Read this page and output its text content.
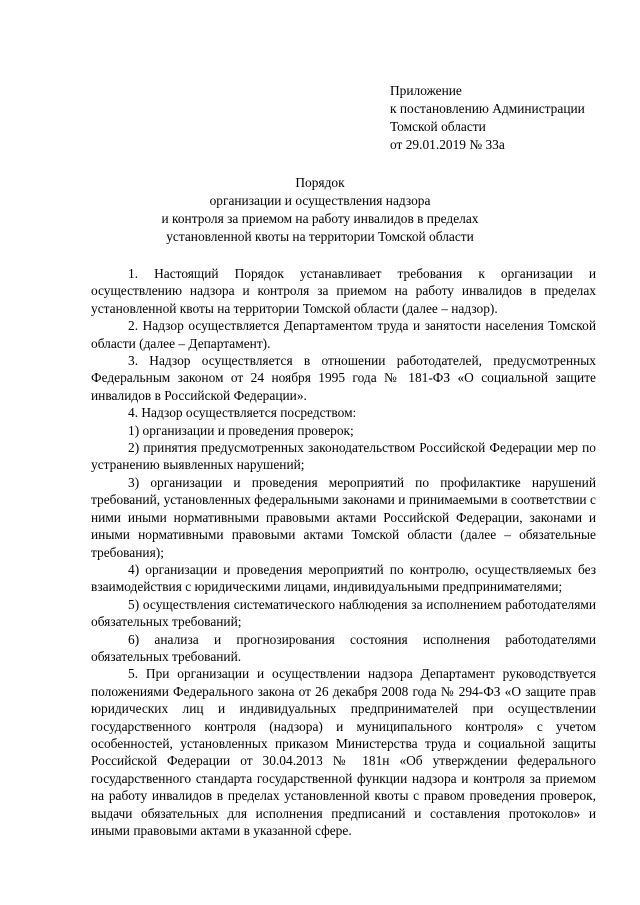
Приложение
к постановлению Администрации
Томской области
от 29.01.2019 № 33а
Порядок
организации и осуществления надзора
и контроля за приемом на работу инвалидов в пределах
установленной квоты на территории Томской области

1. Настоящий Порядок устанавливает требования к организации и осуществлению надзора и контроля за приемом на работу инвалидов в пределах установленной квоты на территории Томской области (далее – надзор).

2. Надзор осуществляется Департаментом труда и занятости населения Томской области (далее – Департамент).

3. Надзор осуществляется в отношении работодателей, предусмотренных Федеральным законом от 24 ноября 1995 года № 181-ФЗ «О социальной защите инвалидов в Российской Федерации».

4. Надзор осуществляется посредством:

1) организации и проведения проверок;

2) принятия предусмотренных законодательством Российской Федерации мер по устранению выявленных нарушений;

3) организации и проведения мероприятий по профилактике нарушений требований, установленных федеральными законами и принимаемыми в соответствии с ними иными нормативными правовыми актами Российской Федерации, законами и иными нормативными правовыми актами Томской области (далее – обязательные требования);

4) организации и проведения мероприятий по контролю, осуществляемых без взаимодействия с юридическими лицами, индивидуальными предпринимателями;

5) осуществления систематического наблюдения за исполнением работодателями обязательных требований;

6) анализа и прогнозирования состояния исполнения работодателями обязательных требований.

5. При организации и осуществлении надзора Департамент руководствуется положениями Федерального закона от 26 декабря 2008 года № 294-ФЗ «О защите прав юридических лиц и индивидуальных предпринимателей при осуществлении государственного контроля (надзора) и муниципального контроля» с учетом особенностей, установленных приказом Министерства труда и социальной защиты Российской Федерации от 30.04.2013 № 181н «Об утверждении федерального государственного стандарта государственной функции надзора и контроля за приемом на работу инвалидов в пределах установленной квоты с правом проведения проверок, выдачи обязательных для исполнения предписаний и составления протоколов» и иными правовыми актами в указанной сфере.
